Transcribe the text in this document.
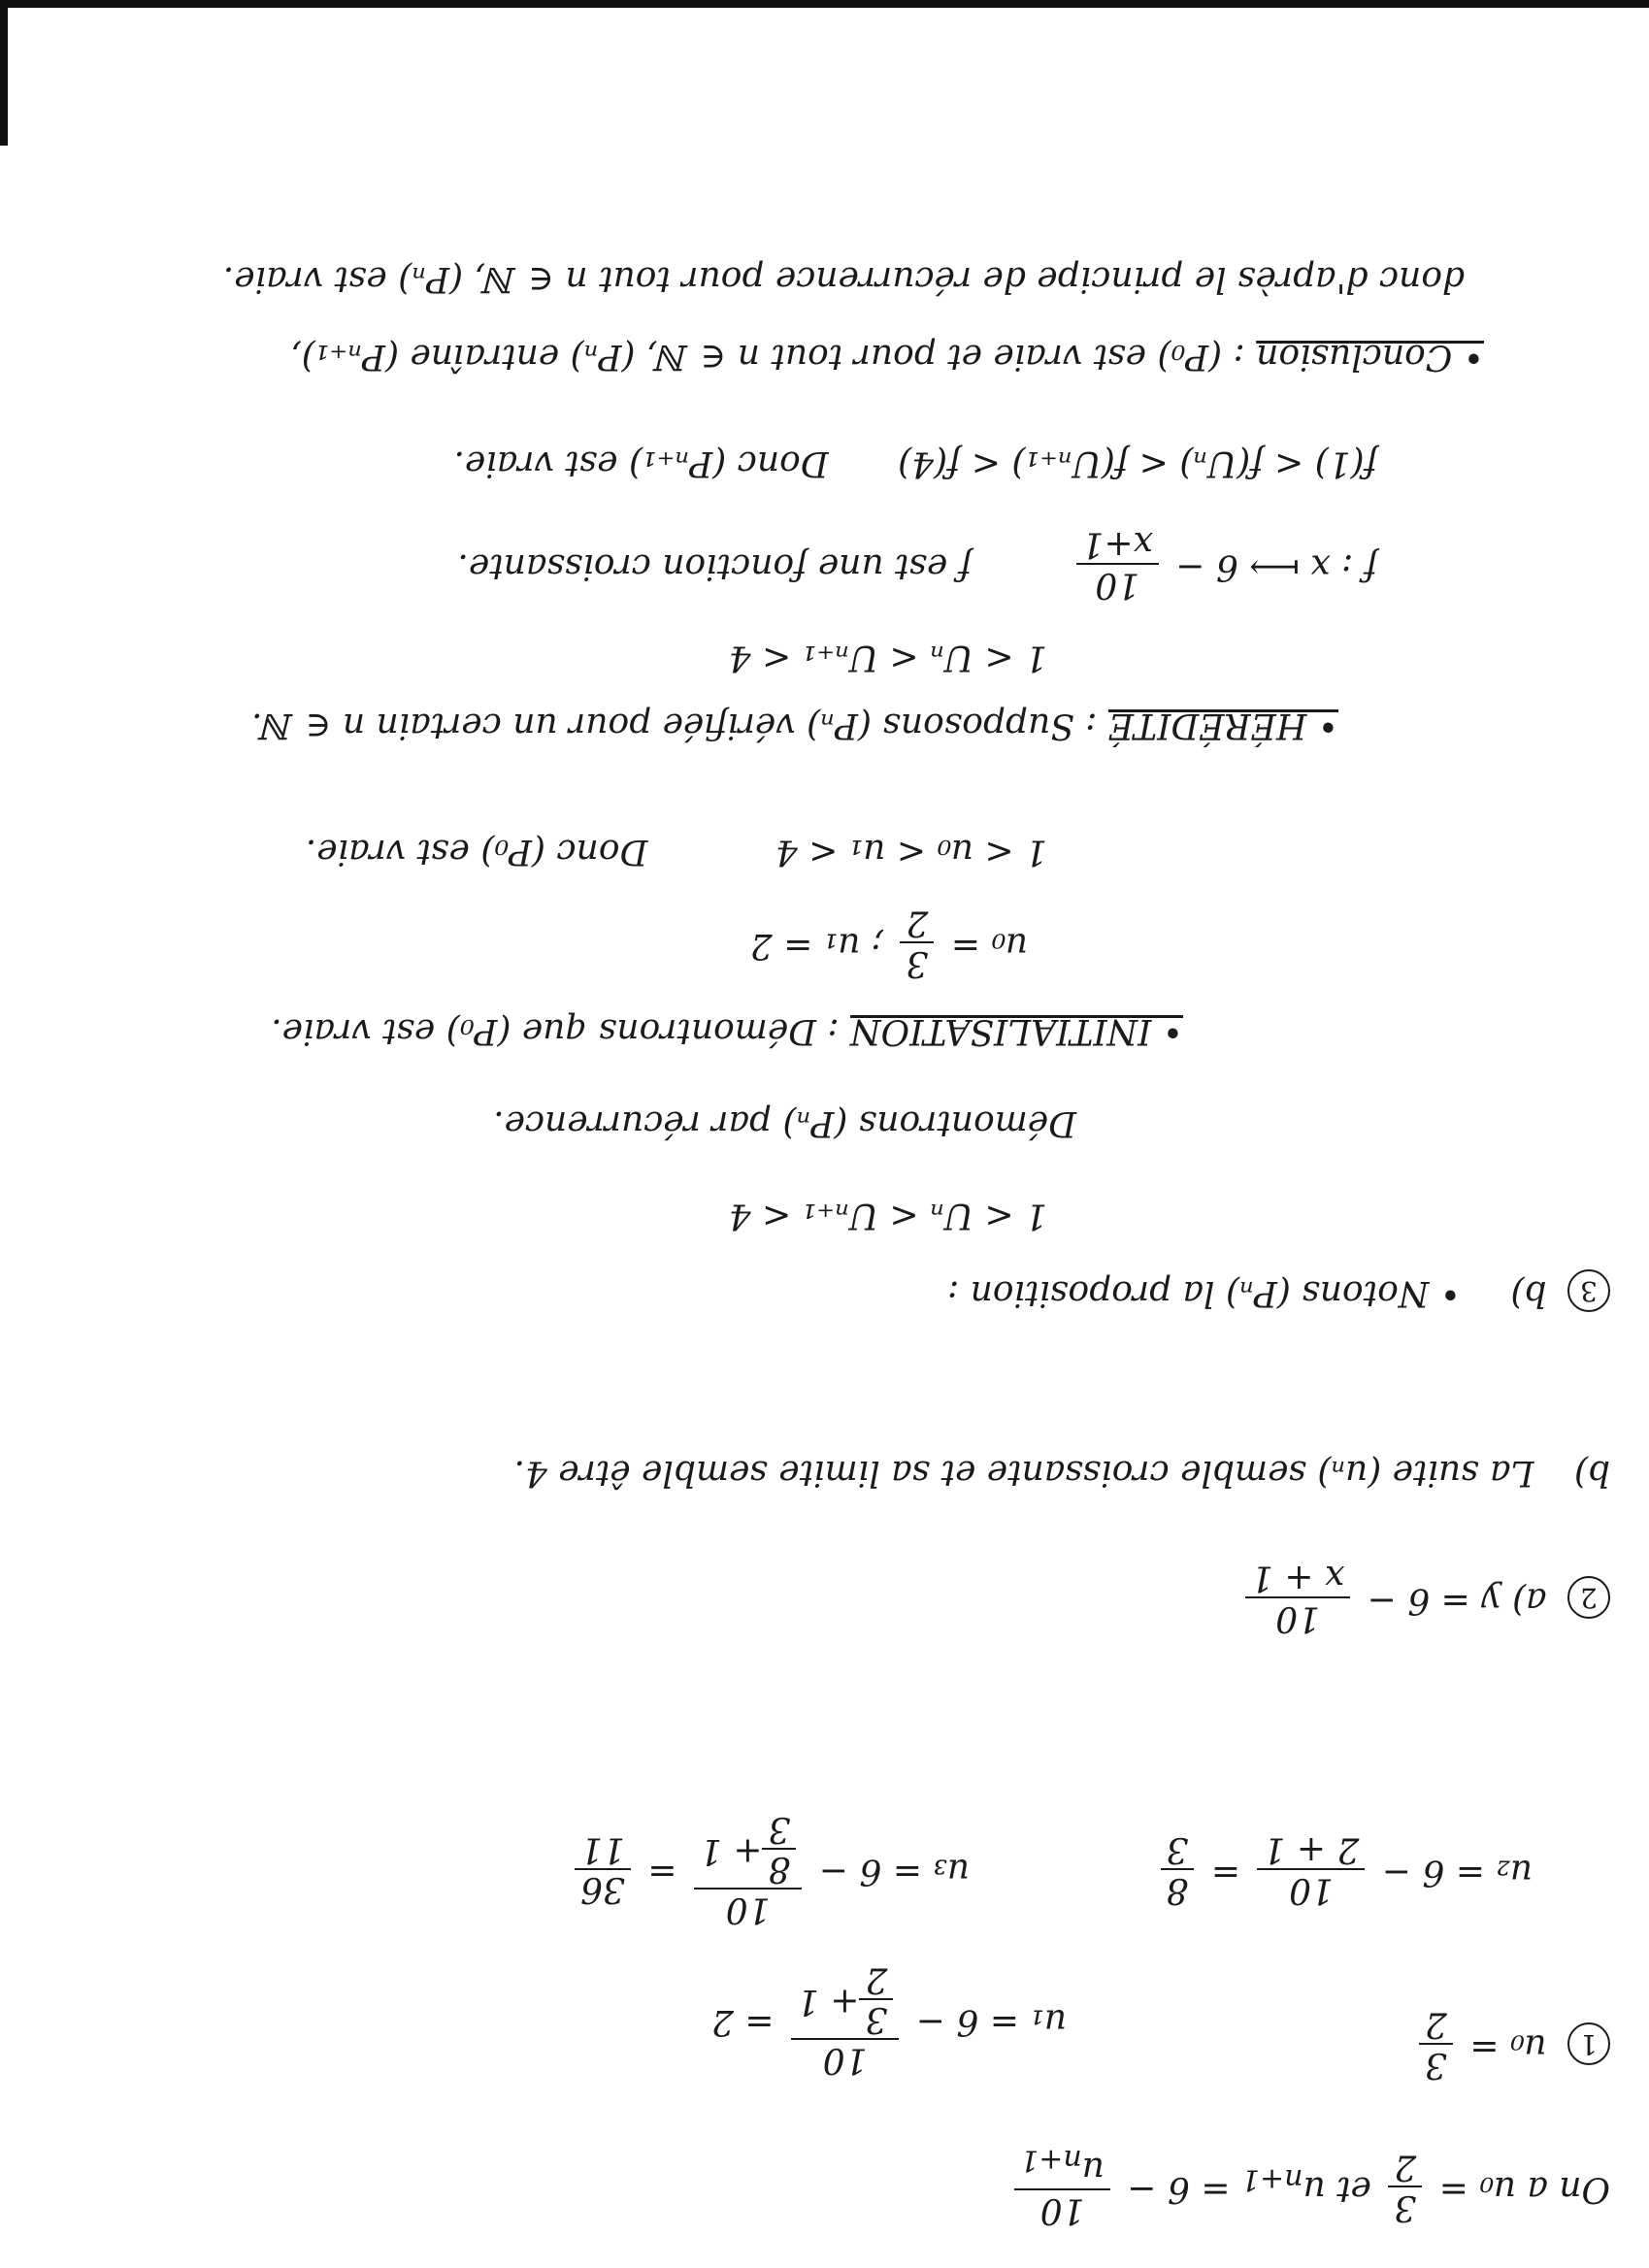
On a u₀ =
3
2
et $u_{n+1} = 6$ −
10
$u_{n+1}$
1 u₀ =
3
2
u₁ = 6 −
10
3
2
+ 1
= 2
u₂ = 6 −
10
2 + 1
=
8
3
u₃ = 6 −
10
8
3
+ 1
=
36
11
2 a) y = 6 −
10
x + 1
b) La suite (uₙ) semble croissante et sa limite semble être 4.
3 b) • Notons (Pₙ) la proposition :
1 < Uₙ < Uₙ₊₁ < 4
Démontrons (Pₙ) par récurrence.
• INITIALISATION : Démontrons que (P₀) est vraie.
u₀ =
3
2
; u₁ = 2
1 < u₀ < u₁ < 4 Donc (P₀) est vraie.
• HÉRÉDITÉ : Supposons (Pₙ) vérifiée pour un certain n ∈ ℕ.
1 < Uₙ < Uₙ₊₁ < 4
f : x ⟼ 6 −
10
x+1
f est une fonction croissante.
f(1) < f(Uₙ) < f(Uₙ₊₁) < f(4) Donc (Pₙ₊₁) est vraie.
• Conclusion : (P₀) est vraie et pour tout n ∈ ℕ, (Pₙ) entraîne (Pₙ₊₁),
donc d'après le principe de récurrence pour tout n ∈ ℕ, (Pₙ) est vraie.
